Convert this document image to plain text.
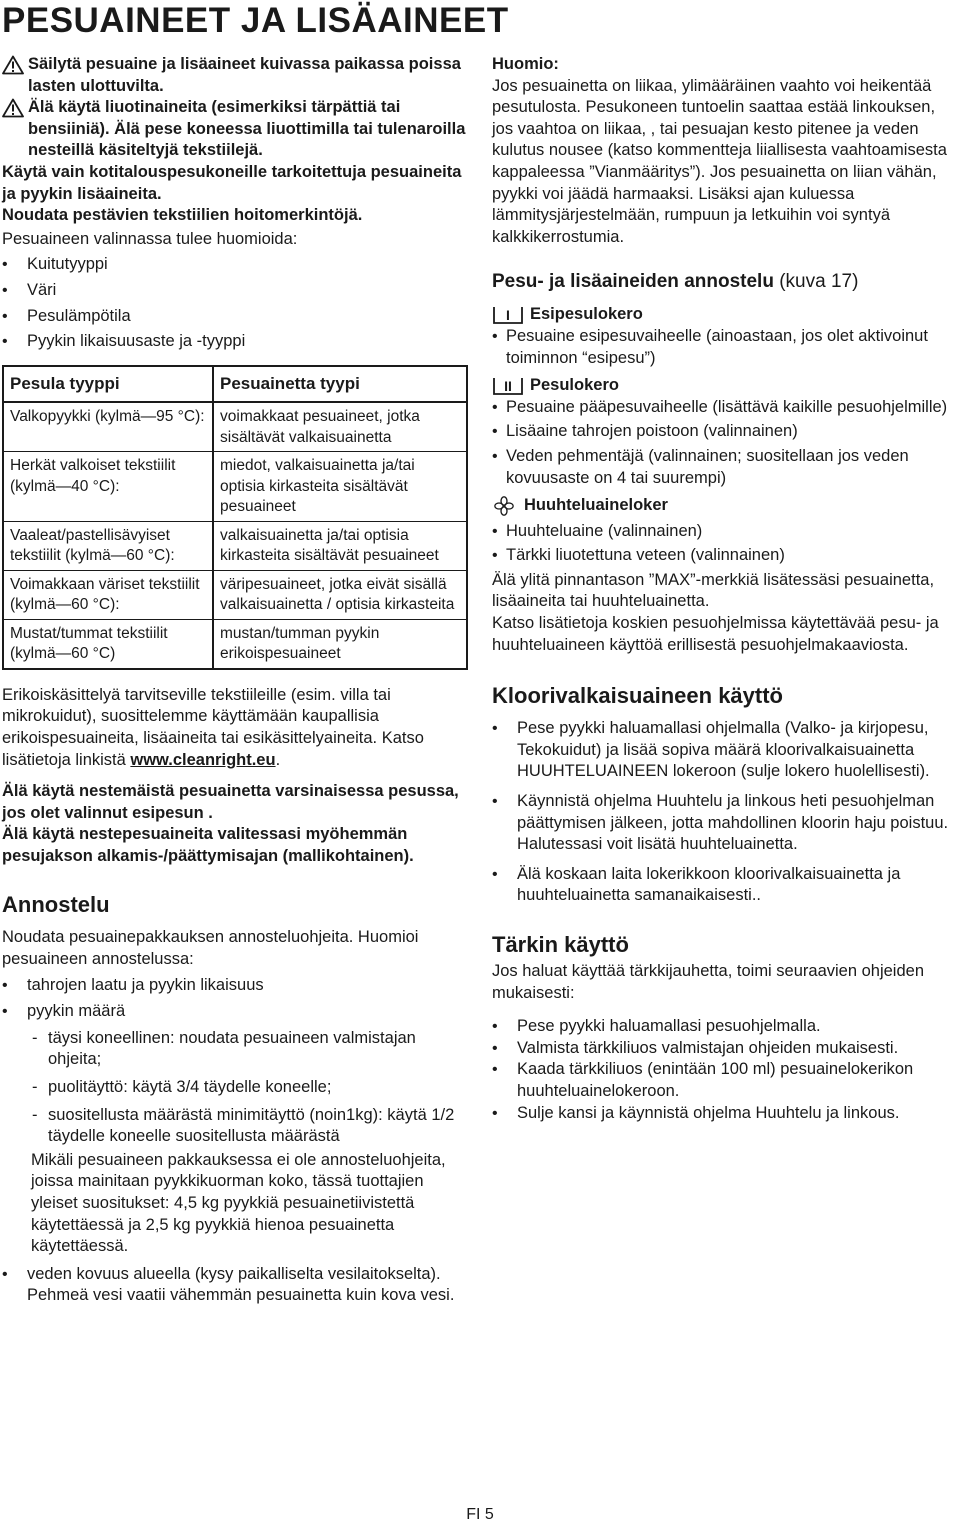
PESUAINEET JA LISÄAINEET
Säilytä pesuaine ja lisäaineet kuivassa paikassa poissa lasten ulottuvilta.
Älä käytä liuotinaineita (esimerkiksi tärpättiä tai bensiiniä). Älä pese koneessa liuottimilla tai tulenaroilla nesteillä käsiteltyjä tekstiilejä.

Käytä vain kotitalouspesukoneille tarkoitettuja pesuaineita ja pyykin lisäaineita.

Noudata pestävien tekstiilien hoitomerkintöjä.

Pesuaineen valinnassa tulee huomioida:

• Kuitutyyppi
• Väri
• Pesulämpötila
• Pyykin likaisuusaste ja -tyyppi
Pesula tyyppi	Pesuainetta tyypi
Valkopyykki (kylmä—95 °C):	voimakkaat pesuaineet, jotka sisältävät valkaisuainetta
Herkät valkoiset tekstiilit (kylmä—40 °C):	miedot, valkaisuainetta ja/tai optisia kirkasteita sisältävät pesuaineet
Vaaleat/pastellisävyiset tekstiilit (kylmä—60 °C):	valkaisuainetta ja/tai optisia kirkasteita sisältävät pesuaineet
Voimakkaan väriset tekstiilit (kylmä—60 °C):	väripesuaineet, jotka eivät sisällä valkaisuainetta / optisia kirkasteita
Mustat/tummat tekstiilit (kylmä—60 °C)	mustan/tumman pyykin erikoispesuaineet

Erikoiskäsittelyä tarvitseville tekstiileille (esim. villa tai mikrokuidut), suosittelemme käyttämään kaupallisia erikoispesuaineita, lisäaineita tai esikäsittelyaineita. Katso lisätietoja linkistä www.cleanright.eu.

Älä käytä nestemäistä pesuainetta varsinaisessa pesussa, jos olet valinnut esipesun .

Älä käytä nestepesuaineita valitessasi myöhemmän pesujakson alkamis-/päättymisajan (mallikohtainen).

Annostelu

Noudata pesuainepakkauksen annosteluohjeita. Huomioi pesuaineen annostelussa:

• tahrojen laatu ja pyykin likaisuus
• pyykin määrä
- täysi koneellinen: noudata pesuaineen valmistajan ohjeita;
- puolitäyttö: käytä 3/4 täydelle koneelle;
- suositellusta määrästä minimitäyttö (noin1kg): käytä 1/2 täydelle koneelle suositellusta määrästä

Mikäli pesuaineen pakkauksessa ei ole annosteluohjeita, joissa mainitaan pyykkikuorman koko, tässä tuottajien yleiset suositukset: 4,5 kg pyykkiä pesuainetiivistettä käytettäessä ja 2,5 kg pyykkiä hienoa pesuainetta käytettäessä.

• veden kovuus alueella (kysy paikalliselta vesilaitokselta). Pehmeä vesi vaatii vähemmän pesuainetta kuin kova vesi.

Huomio:

Jos pesuainetta on liikaa, ylimääräinen vaahto voi heikentää pesutulosta. Pesukoneen tuntoelin saattaa estää linkouksen, jos vaahtoa on liikaa, , tai pesuajan kesto pitenee ja veden kulutus nousee (katso kommentteja liiallisesta vaahtoamisesta kappaleessa ”Vianmääritys”). Jos pesuainetta on liian vähän, pyykki voi jäädä harmaaksi. Lisäksi ajan kuluessa lämmitysjärjestelmään, rumpuun ja letkuihin voi syntyä kalkkikerrostumia.

Pesu- ja lisäaineiden annostelu (kuva 17)
I Esipesulokero
• Pesuaine esipesuvaiheelle (ainoastaan, jos olet aktivoinut toiminnon “esipesu”)
II Pesulokero
• Pesuaine pääpesuvaiheelle (lisättävä kaikille pesuohjelmille)
• Lisäaine tahrojen poistoon (valinnainen)
• Veden pehmentäjä (valinnainen; suositellaan jos veden kovuusaste on 4 tai suurempi)
Huuhteluaineloker
• Huuhteluaine (valinnainen)
• Tärkki liuotettuna veteen (valinnainen)

Älä ylitä pinnantason ”MAX”-merkkiä lisätessäsi pesuainetta, lisäaineita tai huuhteluainetta.

Katso lisätietoja koskien pesuohjelmissa käytettävää pesu- ja huuhteluaineen käyttöä erillisestä pesuohjelmakaaviosta.

Kloorivalkaisuaineen käyttö
• Pese pyykki haluamallasi ohjelmalla (Valko- ja kirjopesu, Tekokuidut) ja lisää sopiva määrä kloorivalkaisuainetta HUUHTELUAINEEN lokeroon (sulje lokero huolellisesti).
• Käynnistä ohjelma Huuhtelu ja linkous heti pesuohjelman päättymisen jälkeen, jotta mahdollinen kloorin haju poistuu. Halutessasi voit lisätä huuhteluainetta.
• Älä koskaan laita lokerikkoon kloorivalkaisuainetta ja huuhteluainetta samanaikaisesti..
Tärkin käyttö

Jos haluat käyttää tärkkijauhetta, toimi seuraavien ohjeiden mukaisesti:

• Pese pyykki haluamallasi pesuohjelmalla.
• Valmista tärkkiliuos valmistajan ohjeiden mukaisesti.
• Kaada tärkkiliuos (enintään 100 ml) pesuainelokerikon huuhteluainelokeroon.
• Sulje kansi ja käynnistä ohjelma Huuhtelu ja linkous.
FI 5
